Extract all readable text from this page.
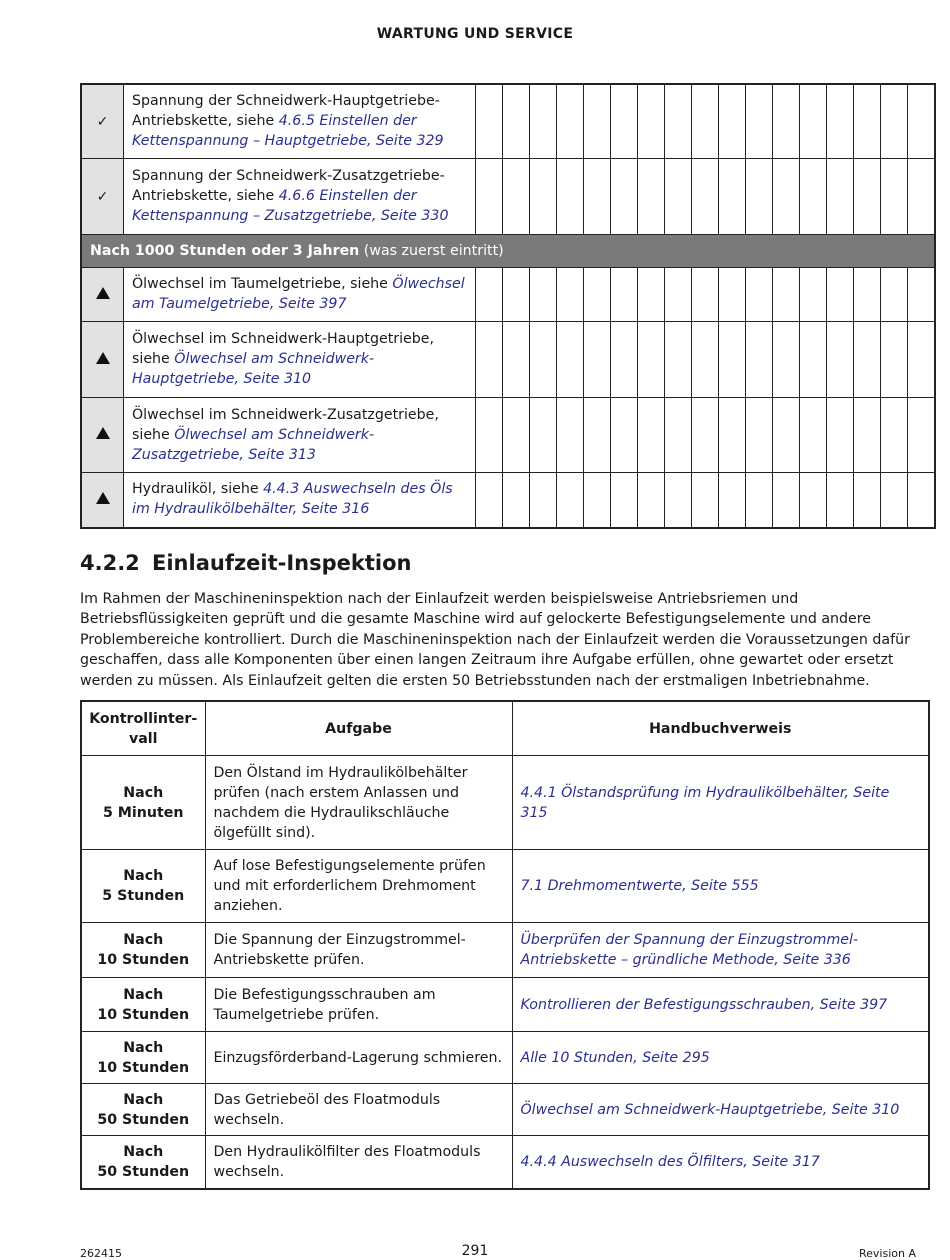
WARTUNG UND SERVICE
✓	Spannung der Schneidwerk-Hauptgetriebe-Antriebskette, siehe 4.6.5 Einstellen der Kettenspannung – Hauptgetriebe, Seite 329																	
✓	Spannung der Schneidwerk-Zusatzgetriebe-Antriebskette, siehe 4.6.6 Einstellen der Kettenspannung – Zusatzgetriebe, Seite 330																	
Nach 1000 Stunden oder 3 Jahren (was zuerst eintritt)																		
	Ölwechsel im Taumelgetriebe, siehe Ölwechsel am Taumelgetriebe, Seite 397																	
	Ölwechsel im Schneidwerk-Hauptgetriebe, siehe Ölwechsel am Schneidwerk-Hauptgetriebe, Seite 310																	
	Ölwechsel im Schneidwerk-Zusatzgetriebe, siehe Ölwechsel am Schneidwerk-Zusatzgetriebe, Seite 313																	
	Hydrauliköl, siehe 4.4.3 Auswechseln des Öls im Hydraulikölbehälter, Seite 316																	
4.2.2 Einlaufzeit-Inspektion

Im Rahmen der Maschineninspektion nach der Einlaufzeit werden beispielsweise Antriebsriemen und Betriebsflüssigkeiten geprüft und die gesamte Maschine wird auf gelockerte Befestigungselemente und andere Problembereiche kontrolliert. Durch die Maschineninspektion nach der Einlaufzeit werden die Voraussetzungen dafür geschaffen, dass alle Komponenten über einen langen Zeitraum ihre Aufgabe erfüllen, ohne gewartet oder ersetzt werden zu müssen. Als Einlaufzeit gelten die ersten 50 Betriebsstunden nach der erstmaligen Inbetriebnahme.

Kontrollinter-
vall	Aufgabe	Handbuchverweis
Nach
5 Minuten	Den Ölstand im Hydraulikölbehälter prüfen (nach erstem Anlassen und nachdem die Hydraulikschläuche ölgefüllt sind).	4.4.1 Ölstandsprüfung im Hydraulikölbehälter, Seite 315
Nach
5 Stunden	Auf lose Befestigungselemente prüfen und mit erforderlichem Drehmoment anziehen.	7.1 Drehmomentwerte, Seite 555
Nach
10 Stunden	Die Spannung der Einzugstrommel-Antriebskette prüfen.	Überprüfen der Spannung der Einzugstrommel-Antriebskette – gründliche Methode, Seite 336
Nach
10 Stunden	Die Befestigungsschrauben am Taumelgetriebe prüfen.	Kontrollieren der Befestigungsschrauben, Seite 397
Nach
10 Stunden	Einzugsförderband-Lagerung schmieren.	Alle 10 Stunden, Seite 295
Nach
50 Stunden	Das Getriebeöl des Floatmoduls wechseln.	Ölwechsel am Schneidwerk-Hauptgetriebe, Seite 310
Nach
50 Stunden	Den Hydraulikölfilter des Floatmoduls wechseln.	4.4.4 Auswechseln des Ölfilters, Seite 317
262415	291	Revision A
